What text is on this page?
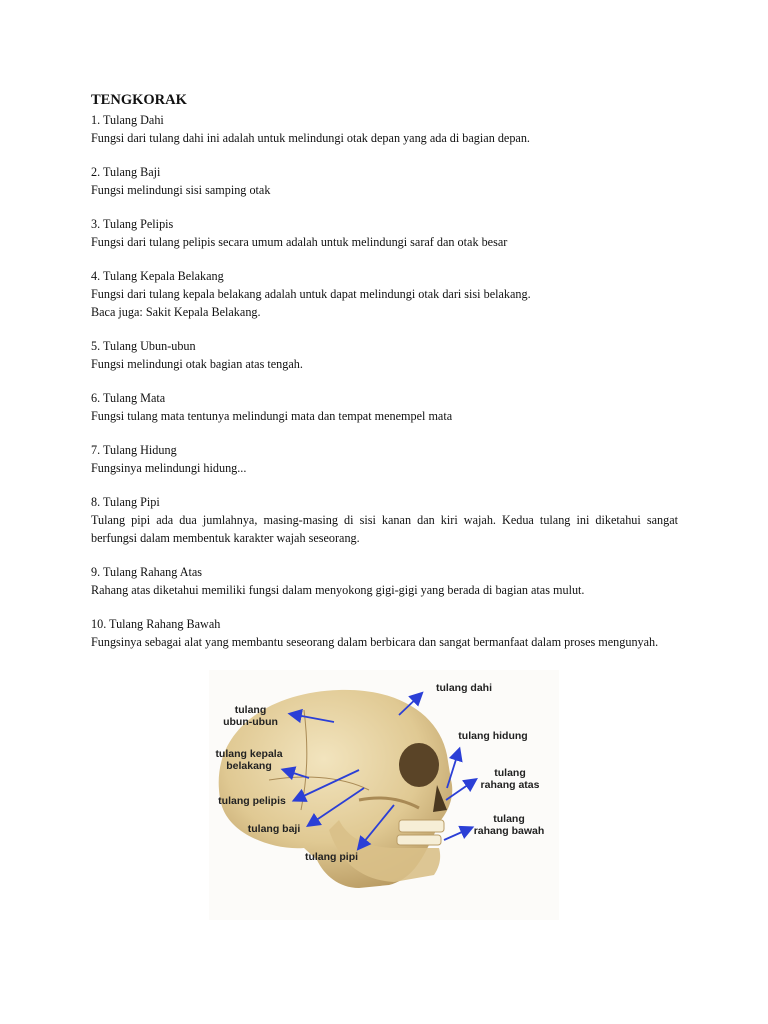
TENGKORAK

1. Tulang Dahi

Fungsi dari tulang dahi ini adalah untuk melindungi otak depan yang ada di bagian depan.

2. Tulang Baji

Fungsi melindungi sisi samping otak

3. Tulang Pelipis

Fungsi dari tulang pelipis secara umum adalah untuk melindungi saraf dan otak besar

4. Tulang Kepala Belakang

Fungsi dari tulang kepala belakang adalah untuk dapat melindungi otak dari sisi belakang.

Baca juga: Sakit Kepala Belakang.

5. Tulang Ubun-ubun

Fungsi melindungi otak bagian atas tengah.

6. Tulang Mata

Fungsi tulang mata tentunya melindungi mata dan tempat menempel mata

7. Tulang Hidung

Fungsinya melindungi hidung...

8. Tulang Pipi

Tulang pipi ada dua jumlahnya, masing-masing di sisi kanan dan kiri wajah. Kedua tulang ini diketahui sangat berfungsi dalam membentuk karakter wajah seseorang.

9. Tulang Rahang Atas

Rahang atas diketahui memiliki fungsi dalam menyokong gigi-gigi yang berada di bagian atas mulut.

10. Tulang Rahang Bawah

Fungsinya sebagai alat yang membantu seseorang dalam berbicara dan sangat bermanfaat dalam proses mengunyah.

tulang
ubun-ubun
tulang kepala
belakang
tulang pelipis
tulang baji
tulang pipi
tulang dahi
tulang hidung
tulang
rahang atas
tulang
rahang bawah
